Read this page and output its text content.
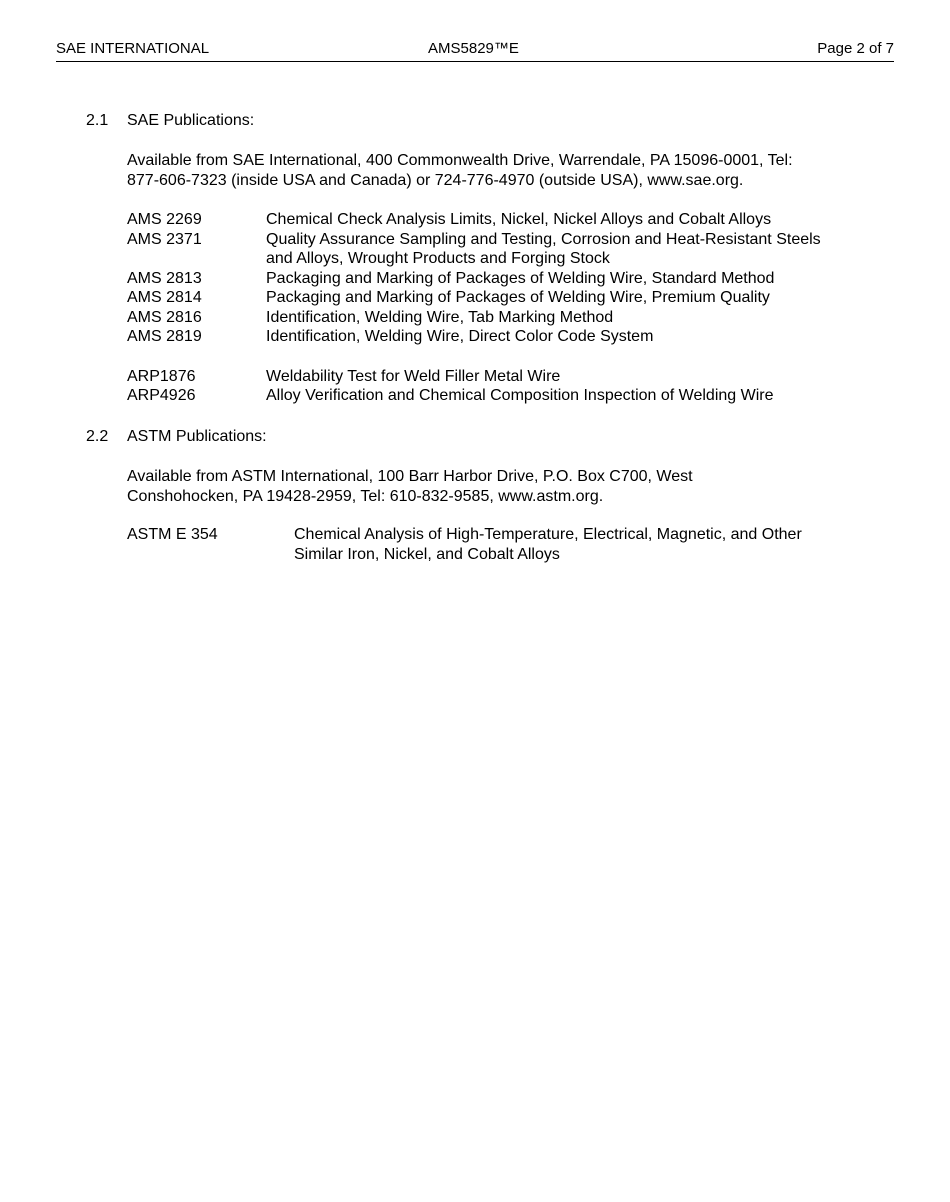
SAE INTERNATIONAL	AMS5829™E	Page 2 of 7
2.1 SAE Publications:
Available from SAE International, 400 Commonwealth Drive, Warrendale, PA 15096-0001, Tel:
877-606-7323 (inside USA and Canada) or 724-776-4970 (outside USA), www.sae.org.
AMS 2269	Chemical Check Analysis Limits, Nickel, Nickel Alloys and Cobalt Alloys
AMS 2371	Quality Assurance Sampling and Testing, Corrosion and Heat-Resistant Steels and Alloys, Wrought Products and Forging Stock
AMS 2813	Packaging and Marking of Packages of Welding Wire, Standard Method
AMS 2814	Packaging and Marking of Packages of Welding Wire, Premium Quality
AMS 2816	Identification, Welding Wire, Tab Marking Method
AMS 2819	Identification, Welding Wire, Direct Color Code System
ARP1876	Weldability Test for Weld Filler Metal Wire
ARP4926	Alloy Verification and Chemical Composition Inspection of Welding Wire
2.2 ASTM Publications:
Available from ASTM International, 100 Barr Harbor Drive, P.O. Box C700, West
Conshohocken, PA 19428-2959, Tel: 610-832-9585, www.astm.org.
ASTM E 354	Chemical Analysis of High-Temperature, Electrical, Magnetic, and Other Similar Iron, Nickel, and Cobalt Alloys
